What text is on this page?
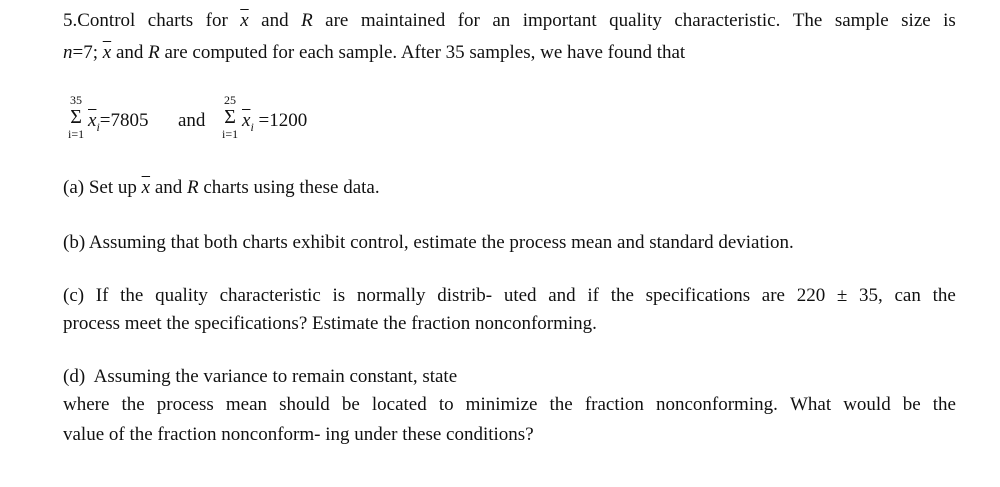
5.Control charts for $\overline{x}$ and R are maintained for an important quality characteristic. The sample size is
n=7; $\overline{x}$ and R are computed for each sample. After 35 samples, we have found that
35
Σ
i=1
$\overline{x}_i=7805$ and
25
Σ
i=1
$\overline{x}_i =1200$
(a) Set up $\overline{x}$ and R charts using these data.
(b) Assuming that both charts exhibit control, estimate the process mean and standard deviation.
(c) If the quality characteristic is normally distrib- uted and if the specifications are 220 ± 35, can the
process meet the specifications? Estimate the fraction nonconforming.
(d)  Assuming the variance to remain constant, state
where the process mean should be located to minimize the fraction nonconforming. What would be the
value of the fraction nonconform- ing under these conditions?
